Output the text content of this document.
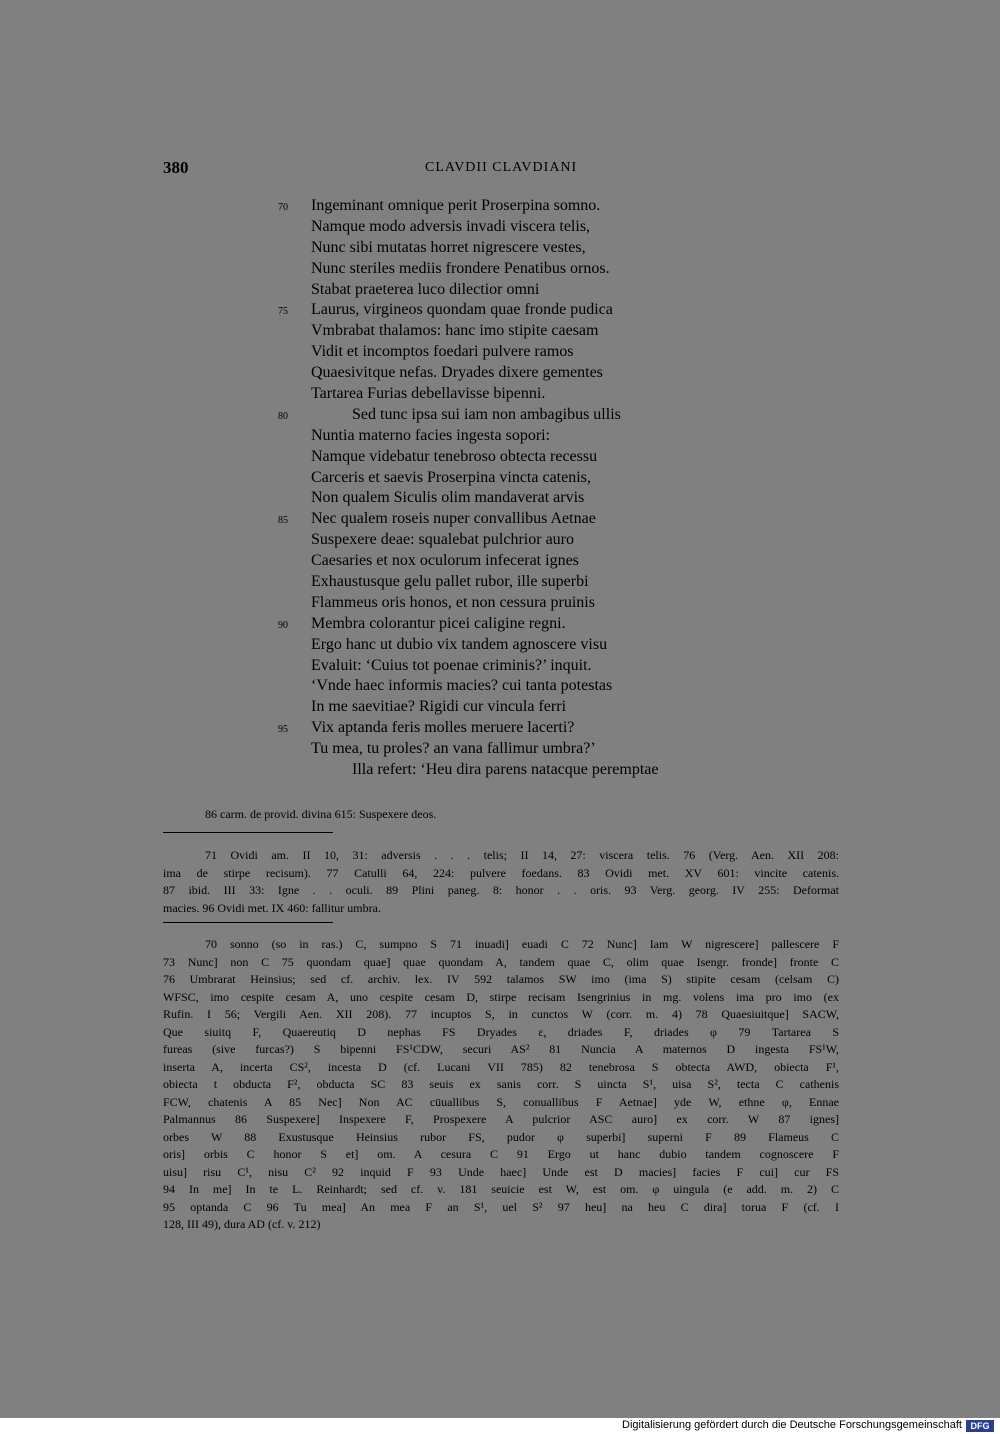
380	CLAVDII CLAVDIANI
70 Ingeminant omnique perit Proserpina somno.
Namque modo adversis invadi viscera telis,
Nunc sibi mutatas horret nigrescere vestes,
Nunc steriles mediis frondere Penatibus ornos.
Stabat praeterea luco dilectior omni
75 Laurus, virgineos quondam quae fronde pudica
Vmbrabat thalamos: hanc imo stipite caesam
Vidit et incomptos foedari pulvere ramos
Quaesivitque nefas. Dryades dixere gementes
Tartarea Furias debellavisse bipenni.
80	Sed tunc ipsa sui iam non ambagibus ullis
Nuntia materno facies ingesta sopori:
Namque videbatur tenebroso obtecta recessu
Carceris et saevis Proserpina vincta catenis,
Non qualem Siculis olim mandaverat arvis
85 Nec qualem roseis nuper convallibus Aetnae
Suspexere deae: squalebat pulchrior auro
Caesaries et nox oculorum infecerat ignes
Exhaustusque gelu pallet rubor, ille superbi
Flammeus oris honos, et non cessura pruinis
90 Membra colorantur picei caligine regni.
Ergo hanc ut dubio vix tandem agnoscere visu
Evaluit: ‘Cuius tot poenae criminis?’ inquit.
‘Vnde haec informis macies? cui tanta potestas
In me saevitiae? Rigidi cur vincula ferri
95 Vix aptanda feris molles meruere lacerti?
Tu mea, tu proles? an vana fallimur umbra?’
Illa refert: ‘Heu dira parens natacque peremptae

86 carm. de provid. divina 615: Suspexere deos.

71 Ovidi am. II 10, 31: adversis . . . telis; II 14, 27: viscera telis. 76 (Verg. Aen. XII 208:
ima de stirpe recisum). 77 Catulli 64, 224: pulvere foedans. 83 Ovidi met. XV 601: vincite catenis.
87 ibid. III 33: Igne . . oculi. 89 Plini paneg. 8: honor . . oris. 93 Verg. georg. IV 255: Deformat
macies. 96 Ovidi met. IX 460: fallitur umbra.
70 sonno (so in ras.) C, sumpno S 71 inuadi] euadi C 72 Nunc] Iam W nigrescere] pallescere F
73 Nunc] non C 75 quondam quae] quae quondam A, tandem quae C, olim quae Isengr. fronde] fronte C
76 Umbrarat Heinsius; sed cf. archiv. lex. IV 592 talamos SW imo (ima S) stipite cesam (celsam C)
WFSC, imo cespite cesam A, uno cespite cesam D, stirpe recisam Isengrinius in mg. volens ima pro imo (ex
Rufin. I 56; Vergili Aen. XII 208). 77 incuptos S, in cunctos W (corr. m. 4) 78 Quaesiuitque] SACW,
Que siuitq F, Quaereutiq D nephas FS Dryades ε, driades F, driades φ 79 Tartarea S
fureas (sive furcas?) S bipenni FS¹CDW, securi AS² 81 Nuncia A maternos D ingesta FS¹W,
inserta A, incerta CS², incesta D (cf. Lucani VII 785) 82 tenebrosa S obtecta AWD, obiecta F¹,
obiecta t obducta F², obducta SC 83 seuis ex sanis corr. S uincta S¹, uisa S², tecta C cathenis
FCW, chatenis A 85 Nec] Non AC cūuallibus S, conuallibus F Aetnae] yde W, ethne φ, Ennae
Palmannus 86 Suspexere] Inspexere F, Prospexere A pulcrior ASC auro] ex corr. W 87 ignes]
orbes W 88 Exustusque Heinsius rubor FS, pudor φ superbi] superni F 89 Flameus C
oris] orbis C honor S et] om. A cesura C 91 Ergo ut hanc dubio tandem cognoscere F
uisu] risu C¹, nisu C² 92 inquid F 93 Unde haec] Unde est D macies] facies F cui] cur FS
94 In me] In te L. Reinhardt; sed cf. v. 181 seuicie est W, est om. φ uingula (e add. m. 2) C
95 optanda C 96 Tu mea] An mea F an S¹, uel S² 97 heu] na heu C dira] torua F (cf. I
128, III 49), dura AD (cf. v. 212)
Digitalisierung gefördert durch die Deutsche Forschungsgemeinschaft DFG
